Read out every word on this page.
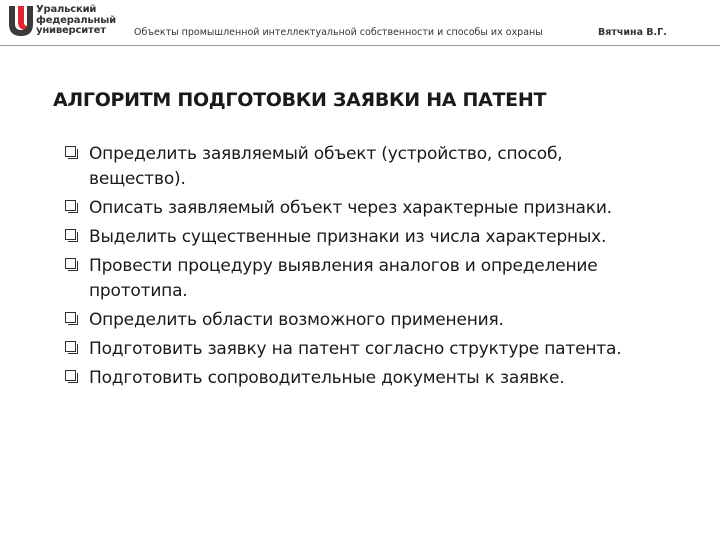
Уральский
федеральный
университет	Объекты промышленной интеллектуальной собственности и способы их охраны	Вятчина В.Г.
АЛГОРИТМ ПОДГОТОВКИ ЗАЯВКИ НА ПАТЕНТ
Определить заявляемый объект (устройство, способ, вещество).
Описать заявляемый объект через характерные признаки.
Выделить существенные признаки из числа характерных.
Провести процедуру выявления аналогов и определение прототипа.
Определить области возможного применения.
Подготовить заявку на патент согласно структуре патента.
Подготовить сопроводительные документы к заявке.
